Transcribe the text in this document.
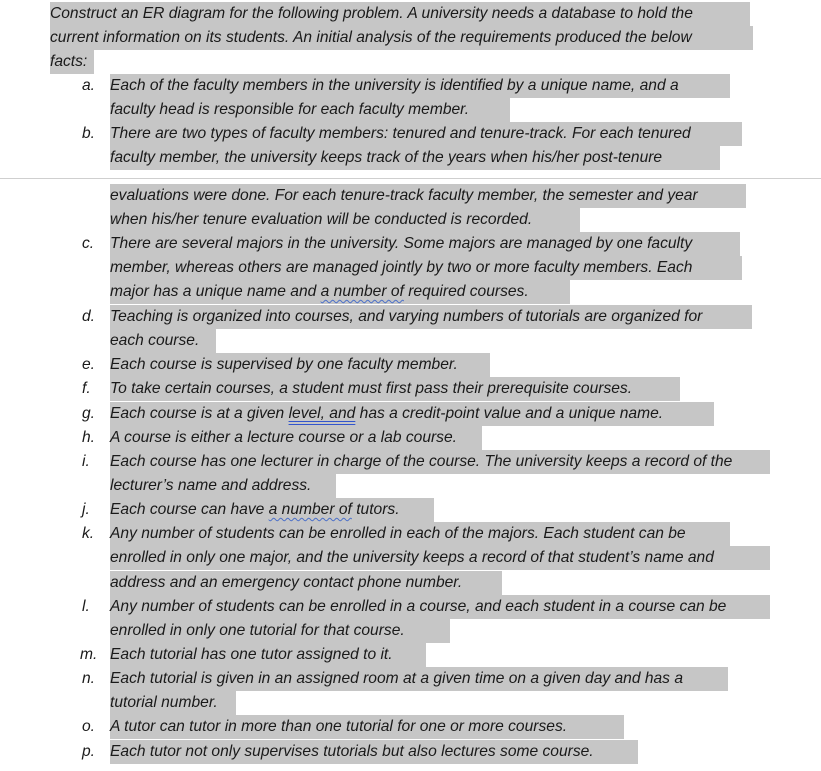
Construct an ER diagram for the following problem. A university needs a database to hold the
current information on its students. An initial analysis of the requirements produced the below
facts:
a. Each of the faculty members in the university is identified by a unique name, and a
faculty head is responsible for each faculty member.
b. There are two types of faculty members: tenured and tenure-track. For each tenured
faculty member, the university keeps track of the years when his/her post-tenure
evaluations were done. For each tenure-track faculty member, the semester and year
when his/her tenure evaluation will be conducted is recorded.
c. There are several majors in the university. Some majors are managed by one faculty
member, whereas others are managed jointly by two or more faculty members. Each
major has a unique name and a number of required courses.
d. Teaching is organized into courses, and varying numbers of tutorials are organized for
each course.
e. Each course is supervised by one faculty member.
f. To take certain courses, a student must first pass their prerequisite courses.
g. Each course is at a given level, and has a credit-point value and a unique name.
h. A course is either a lecture course or a lab course.
i. Each course has one lecturer in charge of the course. The university keeps a record of the
lecturer’s name and address.
j. Each course can have a number of tutors.
k. Any number of students can be enrolled in each of the majors. Each student can be
enrolled in only one major, and the university keeps a record of that student’s name and
address and an emergency contact phone number.
l. Any number of students can be enrolled in a course, and each student in a course can be
enrolled in only one tutorial for that course.
m. Each tutorial has one tutor assigned to it.
n. Each tutorial is given in an assigned room at a given time on a given day and has a
tutorial number.
o. A tutor can tutor in more than one tutorial for one or more courses.
p. Each tutor not only supervises tutorials but also lectures some course.
